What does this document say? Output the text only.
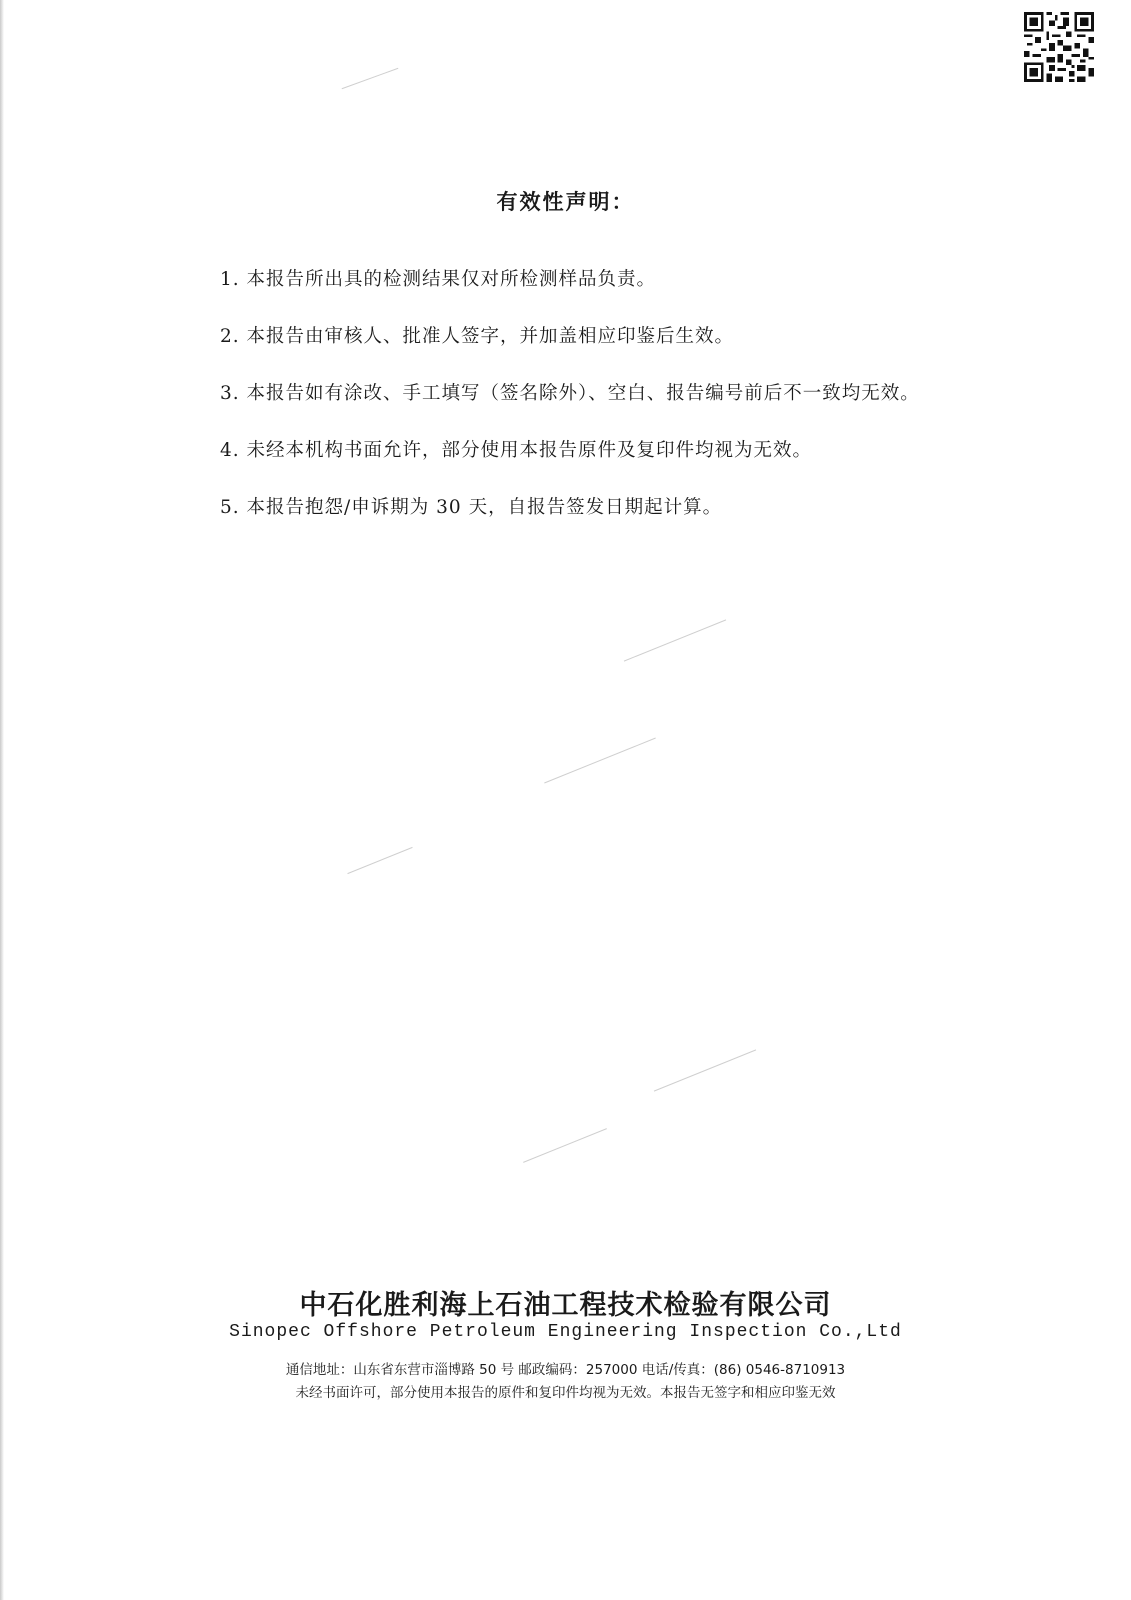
有效性声明：

1. 本报告所出具的检测结果仅对所检测样品负责。

2. 本报告由审核人、批准人签字，并加盖相应印鉴后生效。

3. 本报告如有涂改、手工填写（签名除外）、空白、报告编号前后不一致均无效。

4. 未经本机构书面允许，部分使用本报告原件及复印件均视为无效。

5. 本报告抱怨/申诉期为 30 天，自报告签发日期起计算。

中石化胜利海上石油工程技术检验有限公司
Sinopec Offshore Petroleum Engineering Inspection Co.,Ltd
通信地址：山东省东营市淄博路 50 号 邮政编码：257000 电话/传真：(86) 0546-8710913
未经书面许可，部分使用本报告的原件和复印件均视为无效。本报告无签字和相应印鉴无效
